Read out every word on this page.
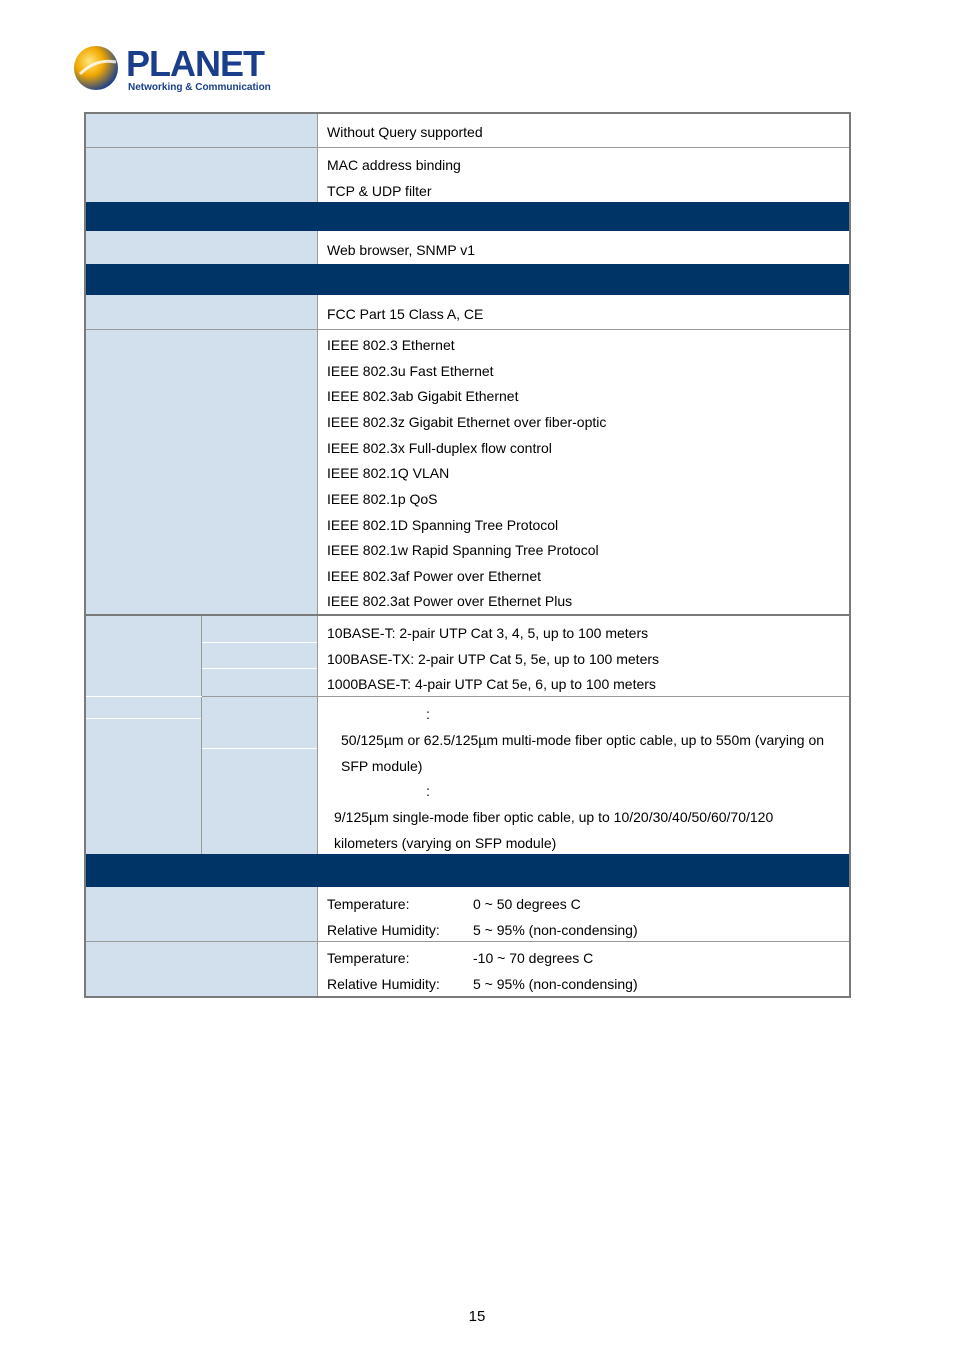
PLANET
Networking & Communication
Without Query supported
MAC address binding
TCP & UDP filter
Web browser, SNMP v1
FCC Part 15 Class A, CE
IEEE 802.3 Ethernet
IEEE 802.3u Fast Ethernet
IEEE 802.3ab Gigabit Ethernet
IEEE 802.3z Gigabit Ethernet over fiber-optic
IEEE 802.3x Full-duplex flow control
IEEE 802.1Q VLAN
IEEE 802.1p QoS
IEEE 802.1D Spanning Tree Protocol
IEEE 802.1w Rapid Spanning Tree Protocol
IEEE 802.3af Power over Ethernet
IEEE 802.3at Power over Ethernet Plus
10BASE-T: 2-pair UTP Cat 3, 4, 5, up to 100 meters
100BASE-TX: 2-pair UTP Cat 5, 5e, up to 100 meters
1000BASE-T: 4-pair UTP Cat 5e, 6, up to 100 meters
:
50/125µm or 62.5/125µm multi-mode fiber optic cable, up to 550m (varying on
SFP module)
:
9/125µm single-mode fiber optic cable, up to 10/20/30/40/50/60/70/120
kilometers (varying on SFP module)
Temperature:	0 ~ 50 degrees C
Relative Humidity: 5 ~ 95% (non-condensing)
Temperature:	-10 ~ 70 degrees C
Relative Humidity: 5 ~ 95% (non-condensing)
15
